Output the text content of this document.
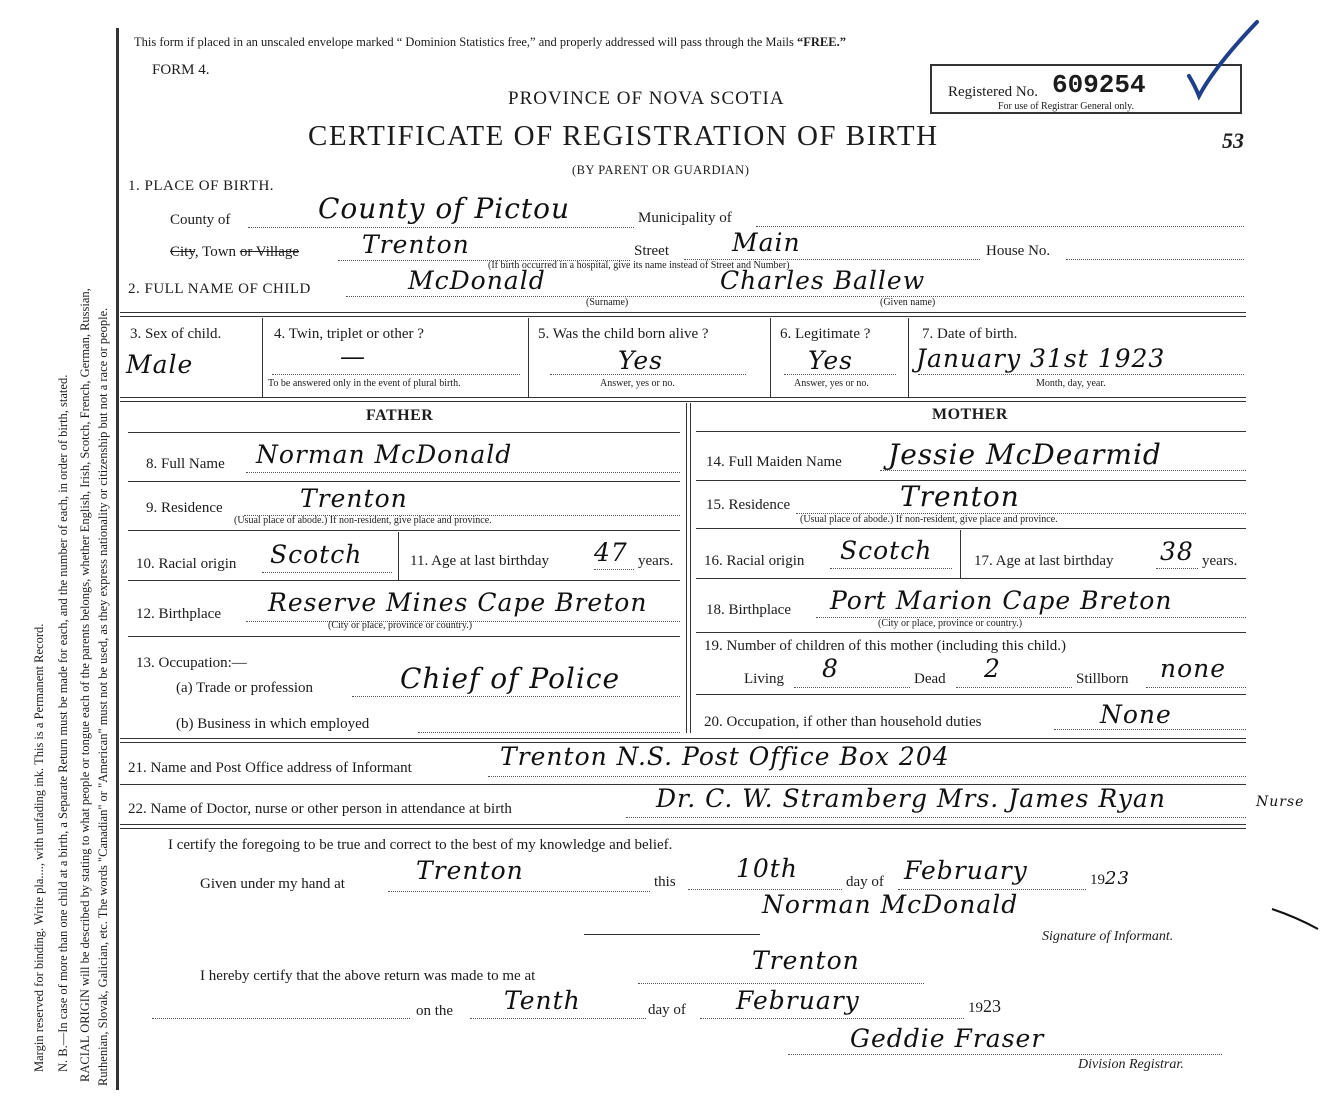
Margin reserved for binding. Write pla...., with unfading ink. This is a Permanent Record. N. B.—In case of more than one child at a birth, a Separate Return must be made for each, and the number of each, in order of birth, stated. RACIAL ORIGIN will be described by stating to what people or tongue each of the parents belongs, whether English, Irish, Scotch, French, German, Russian, Ruthenian, Slovak, Galician, etc. The words "Canadian" or "American" must not be used, as they express nationality or citizenship but not a race or people.
This form if placed in an unscaled envelope marked “ Dominion Statistics free,” and properly addressed will pass through the Mails “FREE.”
FORM 4.
PROVINCE OF NOVA SCOTIA
CERTIFICATE OF REGISTRATION OF BIRTH
(BY PARENT OR GUARDIAN)
Registered No. 609254
For use of Registrar General only.
53
1. PLACE OF BIRTH.
County of	County of Pictou	Municipality of
City, Town or Village	Trenton	Street	Main	House No.
(If birth occurred in a hospital, give its name instead of Street and Number)
2. FULL NAME OF CHILD	McDonald	Charles Ballew
(Surname)	(Given name)
3. Sex of child.
Male
4. Twin, triplet or other ?
—
To be answered only in the event of plural birth.
5. Was the child born alive ?
Yes
Answer, yes or no.
6. Legitimate ?
Yes
Answer, yes or no.
7. Date of birth.
January 31st 1923
Month, day, year.
FATHER
8. Full Name Norman McDonald
9. Residence	Trenton
(Usual place of abode.) If non-resident, give place and province.
10. Racial origin Scotch	11. Age at last birthday 47 years.
12. Birthplace Reserve Mines Cape Breton
(City or place, province or country.)
13. Occupation:—
(a) Trade or profession	Chief of Police
(b) Business in which employed
MOTHER
14. Full Maiden Name Jessie McDearmid
15. Residence	Trenton
(Usual place of abode.) If non-resident, give place and province.
16. Racial origin Scotch	17. Age at last birthday 38 years.
18. Birthplace Port Marion Cape Breton
(City or place, province or country.)
19. Number of children of this mother (including this child.)
Living 8	Dead 2	Stillborn none
20. Occupation, if other than household duties	None
21. Name and Post Office address of Informant	Trenton N.S. Post Office Box 204
22. Name of Doctor, nurse or other person in attendance at birth	Dr. C. W. Stramberg Mrs. James Ryan	Nurse
I certify the foregoing to be true and correct to the best of my knowledge and belief.
Given under my hand at	Trenton	this 10th	day of February	1923
Norman McDonald
Signature of Informant.
I hereby certify that the above return was made to me at
Trenton
on the Tenth	day of February	1923
Geddie Fraser
Division Registrar.
